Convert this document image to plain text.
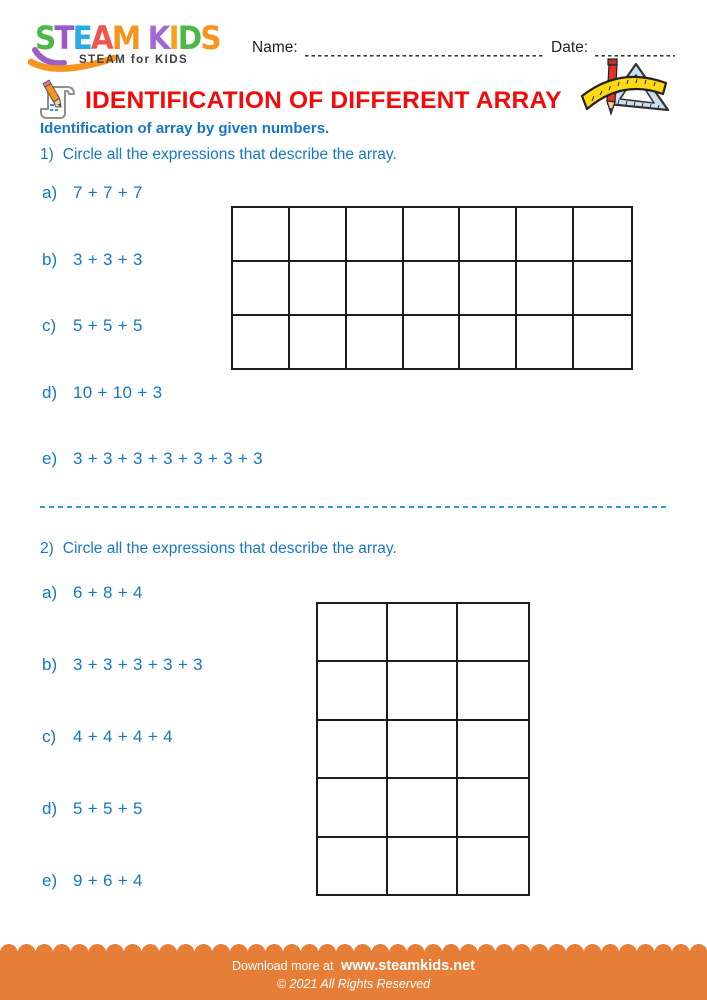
STEAM KIDS
STEAM for KIDS
Name:	Date:
IDENTIFICATION OF DIFFERENT ARRAY
Identification of array by given numbers.
1) Circle all the expressions that describe the array.
a) 7 + 7 + 7
b) 3 + 3 + 3
c) 5 + 5 + 5
d) 10 + 10 + 3
e) 3 + 3 + 3 + 3 + 3 + 3 + 3
2) Circle all the expressions that describe the array.
a) 6 + 8 + 4
b) 3 + 3 + 3 + 3 + 3
c) 4 + 4 + 4 + 4
d) 5 + 5 + 5
e) 9 + 6 + 4
Download more at www.steamkids.net
© 2021 All Rights Reserved
